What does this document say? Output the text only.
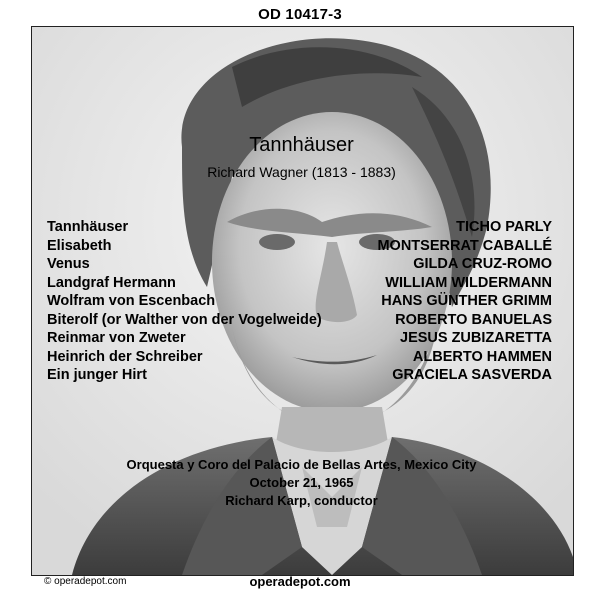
OD 10417-3
Tannhäuser
Richard Wagner (1813 - 1883)
Tannhäuser	TICHO PARLY
Elisabeth	MONTSERRAT CABALLÉ
Venus	GILDA CRUZ-ROMO
Landgraf Hermann	WILLIAM WILDERMANN
Wolfram von Escenbach	HANS GÜNTHER GRIMM
Biterolf (or Walther von der Vogelweide)	ROBERTO BANUELAS
Reinmar von Zweter	JESUS ZUBIZARETTA
Heinrich der Schreiber	ALBERTO HAMMEN
Ein junger Hirt	GRACIELA SASVERDA
Orquesta y Coro del Palacio de Bellas Artes, Mexico City
October 21, 1965
Richard Karp, conductor
© operadepot.com	operadepot.com
